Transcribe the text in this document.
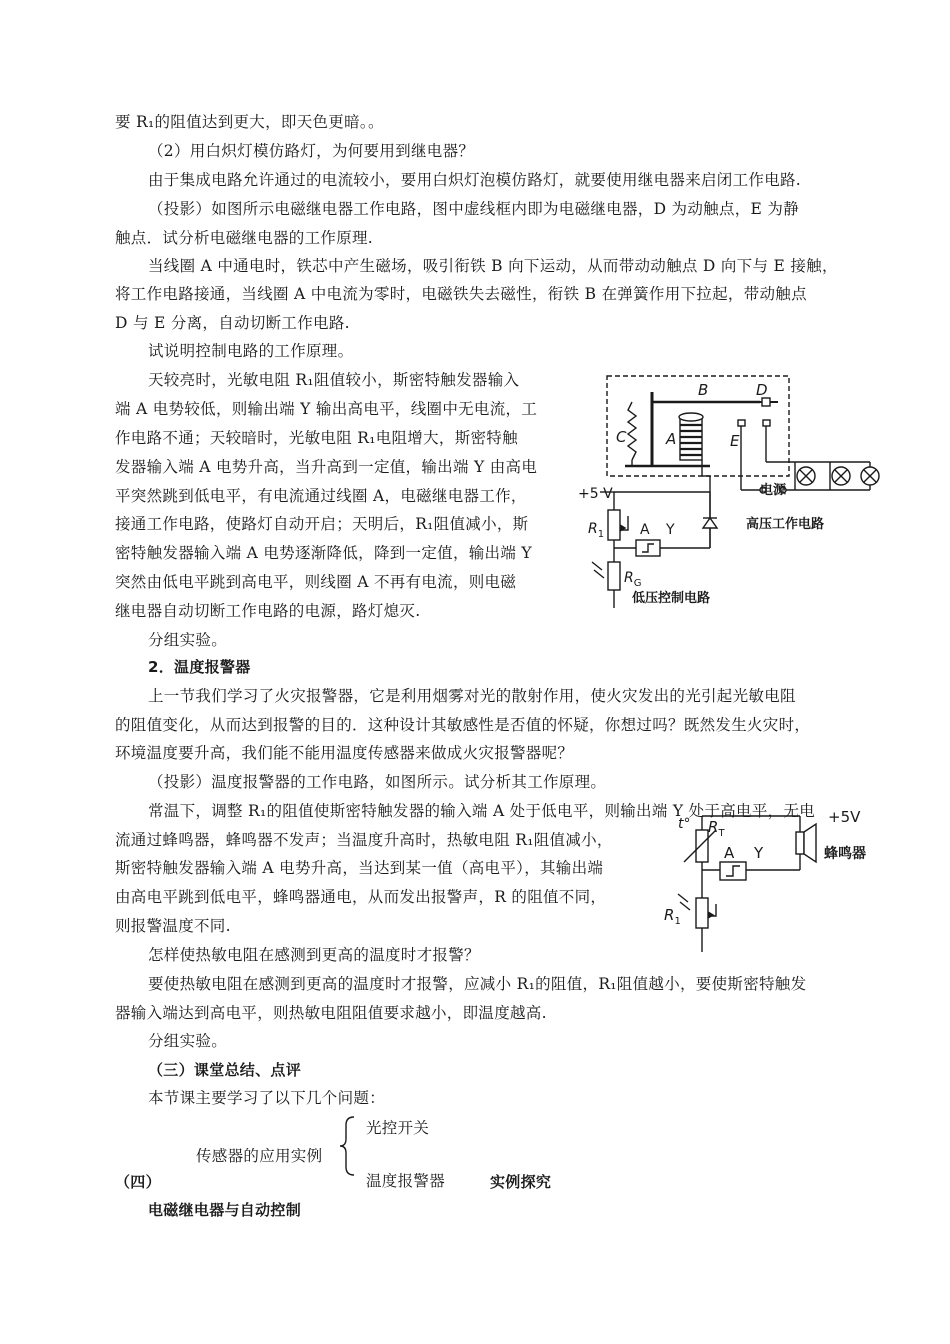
要 R₁的阻值达到更大，即天色更暗。。
（2）用白炽灯模仿路灯，为何要用到继电器？
由于集成电路允许通过的电流较小，要用白炽灯泡模仿路灯，就要使用继电器来启闭工作电路.
（投影）如图所示电磁继电器工作电路，图中虚线框内即为电磁继电器，D 为动触点，E 为静
触点．试分析电磁继电器的工作原理.
当线圈 A 中通电时，铁芯中产生磁场，吸引衔铁 B 向下运动，从而带动动触点 D 向下与 E 接触，
将工作电路接通，当线圈 A 中电流为零时，电磁铁失去磁性，衔铁 B 在弹簧作用下拉起，带动触点
D 与 E 分离，自动切断工作电路.
试说明控制电路的工作原理。
天较亮时，光敏电阻 R₁阻值较小，斯密特触发器输入
端 A 电势较低，则输出端 Y 输出高电平，线圈中无电流，工
作电路不通；天较暗时，光敏电阻 R₁电阻增大，斯密特触
发器输入端 A 电势升高，当升高到一定值，输出端 Y 由高电
平突然跳到低电平，有电流通过线圈 A，电磁继电器工作，
接通工作电路，使路灯自动开启；天明后，R₁阻值减小，斯
密特触发器输入端 A 电势逐渐降低，降到一定值，输出端 Y
突然由低电平跳到高电平，则线圈 A 不再有电流，则电磁
继电器自动切断工作电路的电源，路灯熄灭.
分组实验。
上一节我们学习了火灾报警器，它是利用烟雾对光的散射作用，使火灾发出的光引起光敏电阻
的阻值变化，从而达到报警的目的．这种设计其敏感性是否值的怀疑，你想过吗？既然发生火灾时，
环境温度要升高，我们能不能用温度传感器来做成火灾报警器呢？
（投影）温度报警器的工作电路，如图所示。试分析其工作原理。
常温下，调整 R₁的阻值使斯密特触发器的输入端 A 处于低电平，则输出端 Y 处于高电平，无电
流通过蜂鸣器，蜂鸣器不发声；当温度升高时，热敏电阻 R₁阻值减小，
斯密特触发器输入端 A 电势升高，当达到某一值（高电平），其输出端
由高电平跳到低电平，蜂鸣器通电，从而发出报警声，R 的阻值不同，
则报警温度不同.
怎样使热敏电阻在感测到更高的温度时才报警？
要使热敏电阻在感测到更高的温度时才报警，应减小 R₁的阻值，R₁阻值越小，要使斯密特触发
器输入端达到高电平，则热敏电阻阻值要求越小，即温度越高.
分组实验。
本节课主要学习了以下几个问题：
2．温度报警器
（三）课堂总结、点评
（四）	实例探究
电磁继电器与自动控制
B	D
C	A	E
+5 V	电源
$R_1$	A Y	高压工作电路
$R_G$
低压控制电路
t° $R_T$
+5V
A Y	蜂鸣器
$R_1$
传感器的应用实例
光控开关
温度报警器
